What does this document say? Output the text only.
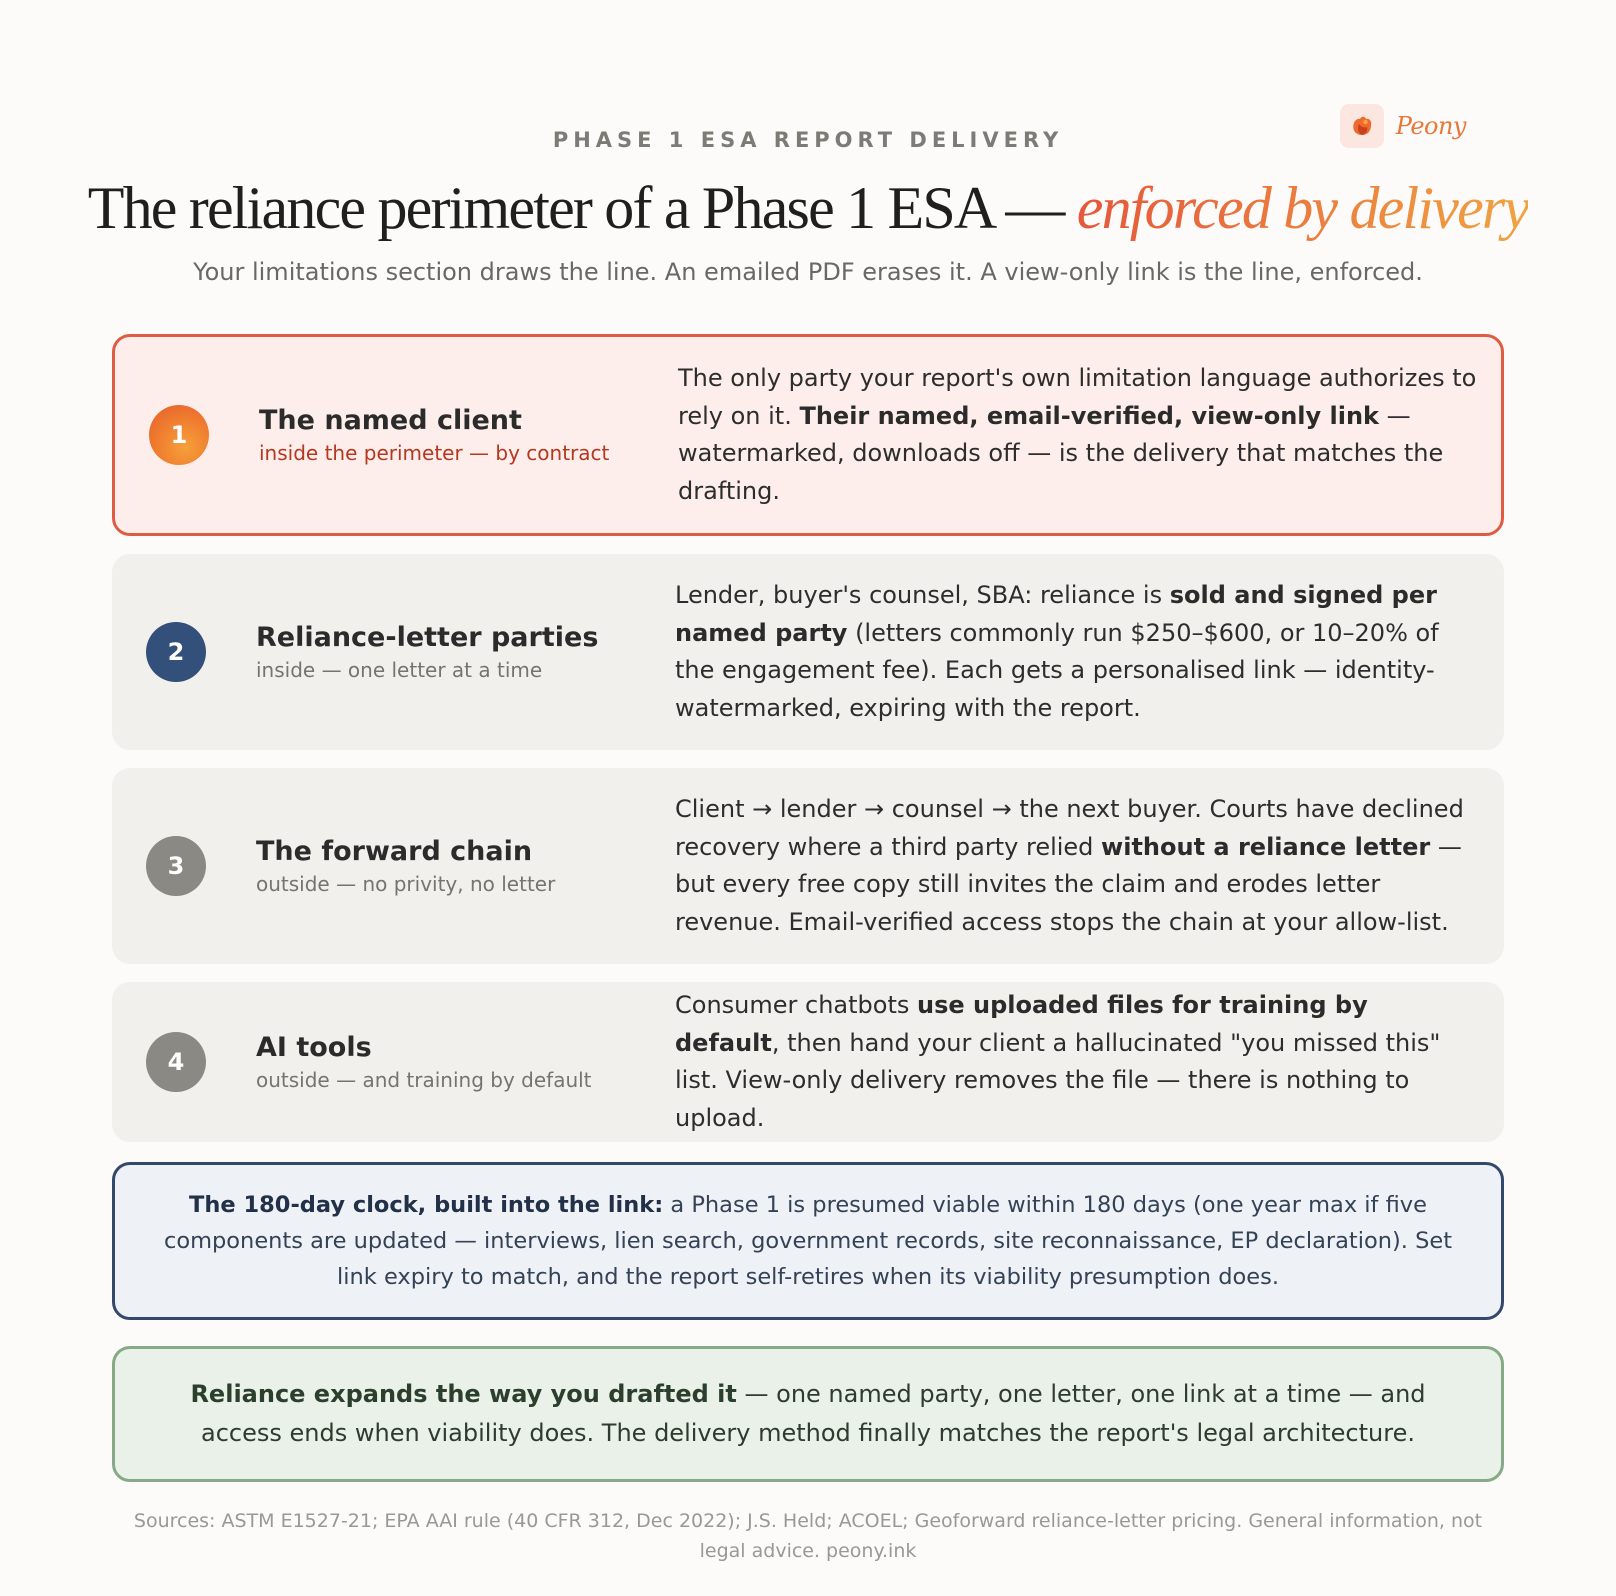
Peony
PHASE 1 ESA REPORT DELIVERY
The reliance perimeter of a Phase 1 ESA — enforced by delivery
Your limitations section draws the line. An emailed PDF erases it. A view-only link is the line, enforced.
1	The named client
inside the perimeter — by contract
The only party your report's own limitation language authorizes to rely on it. Their named, email-verified, view-only link — watermarked, downloads off — is the delivery that matches the drafting.
2	Reliance-letter parties
inside — one letter at a time
Lender, buyer's counsel, SBA: reliance is sold and signed per named party (letters commonly run $250–$600, or 10–20% of the engagement fee). Each gets a personalised link — identity-watermarked, expiring with the report.
3	The forward chain
outside — no privity, no letter
Client → lender → counsel → the next buyer. Courts have declined recovery where a third party relied without a reliance letter — but every free copy still invites the claim and erodes letter revenue. Email-verified access stops the chain at your allow-list.
4	AI tools
outside — and training by default
Consumer chatbots use uploaded files for training by default, then hand your client a hallucinated "you missed this" list. View-only delivery removes the file — there is nothing to upload.
The 180-day clock, built into the link: a Phase 1 is presumed viable within 180 days (one year max if five components are updated — interviews, lien search, government records, site reconnaissance, EP declaration). Set link expiry to match, and the report self-retires when its viability presumption does.
Reliance expands the way you drafted it — one named party, one letter, one link at a time — and access ends when viability does. The delivery method finally matches the report's legal architecture.
Sources: ASTM E1527-21; EPA AAI rule (40 CFR 312, Dec 2022); J.S. Held; ACOEL; Geoforward reliance-letter pricing. General information, not legal advice. peony.ink
